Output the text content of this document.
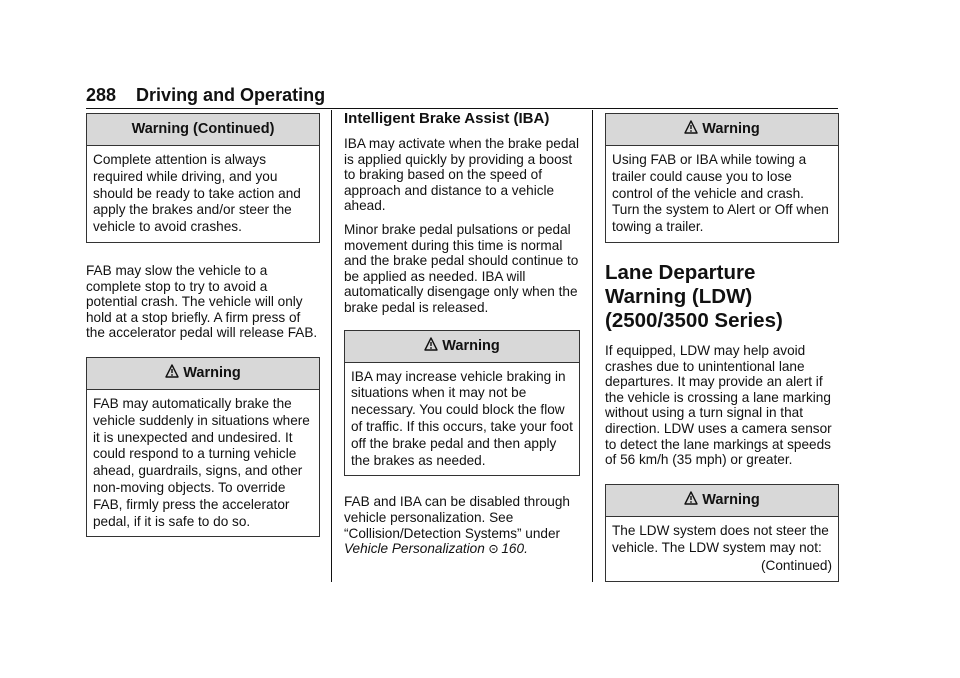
288 Driving and Operating
Warning (Continued)
Complete attention is always required while driving, and you should be ready to take action and apply the brakes and/or steer the vehicle to avoid crashes.

FAB may slow the vehicle to a complete stop to try to avoid a potential crash. The vehicle will only hold at a stop briefly. A firm press of the accelerator pedal will release FAB.

Warning
FAB may automatically brake the vehicle suddenly in situations where it is unexpected and undesired. It could respond to a turning vehicle ahead, guardrails, signs, and other non-moving objects. To override FAB, firmly press the accelerator pedal, if it is safe to do so.
Intelligent Brake Assist (IBA)

IBA may activate when the brake pedal is applied quickly by providing a boost to braking based on the speed of approach and distance to a vehicle ahead.

Minor brake pedal pulsations or pedal movement during this time is normal and the brake pedal should continue to be applied as needed. IBA will automatically disengage only when the brake pedal is released.

Warning
IBA may increase vehicle braking in situations when it may not be necessary. You could block the flow of traffic. If this occurs, take your foot off the brake pedal and then apply the brakes as needed.

FAB and IBA can be disabled through vehicle personalization. See “Collision/Detection Systems” under Vehicle Personalization 160.

Warning
Using FAB or IBA while towing a trailer could cause you to lose control of the vehicle and crash. Turn the system to Alert or Off when towing a trailer.
Lane Departure Warning (LDW) (2500/3500 Series)

If equipped, LDW may help avoid crashes due to unintentional lane departures. It may provide an alert if the vehicle is crossing a lane marking without using a turn signal in that direction. LDW uses a camera sensor to detect the lane markings at speeds of 56 km/h (35 mph) or greater.

Warning
The LDW system does not steer the vehicle. The LDW system may not:
(Continued)
